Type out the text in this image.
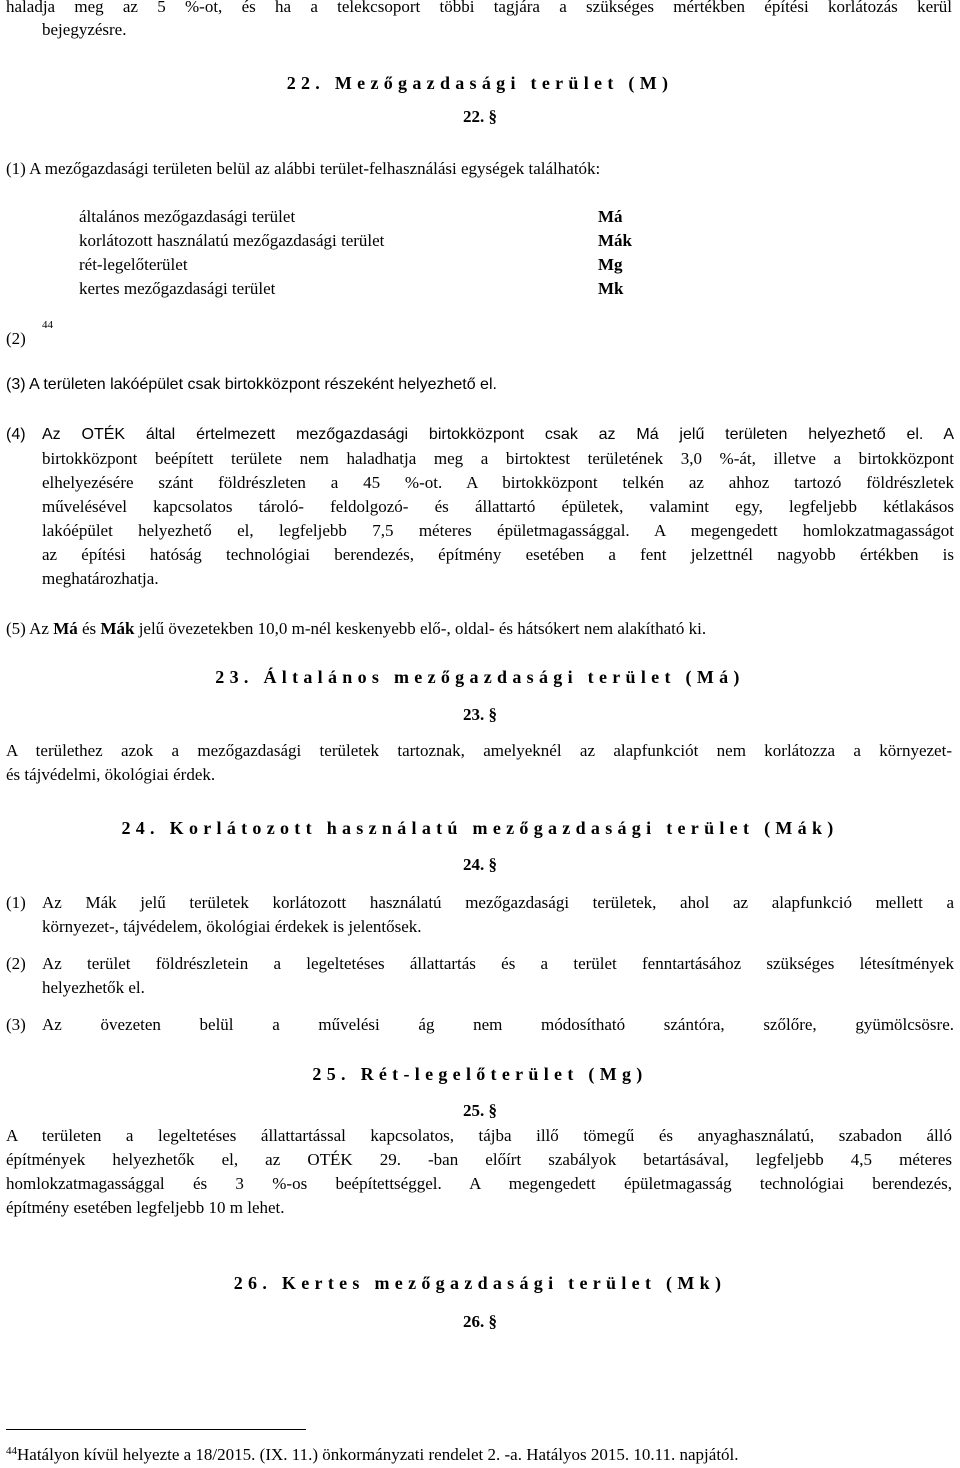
haladja meg az 5 %-ot, és ha a telekcsoport többi tagjára a szükséges mértékben építési korlátozás kerül
bejegyzésre.
22. Mezőgazdasági terület (M)
22. §
(1) A mezőgazdasági területen belül az alábbi terület-felhasználási egységek találhatók:
általános mezőgazdasági terület	Má
korlátozott használatú mezőgazdasági terület	Mák
rét-legelőterület	Mg
kertes mezőgazdasági terület	Mk
(2)
44
(3) A területen lakóépület csak birtokközpont részeként helyezhető el.
(4) Az OTÉK által értelmezett mezőgazdasági birtokközpont csak az Má jelű területen helyezhető el. A
birtokközpont beépített területe nem haladhatja meg a birtoktest területének 3,0 %-át, illetve a birtokközpont
elhelyezésére szánt földrészleten a 45 %-ot. A birtokközpont telkén az ahhoz tartozó földrészletek
művelésével kapcsolatos tároló- feldolgozó- és állattartó épületek, valamint egy, legfeljebb kétlakásos
lakóépület helyezhető el, legfeljebb 7,5 méteres épületmagassággal. A megengedett homlokzatmagasságot
az építési hatóság technológiai berendezés, építmény esetében a fent jelzettnél nagyobb értékben is
meghatározhatja.
(5) Az Má és Mák jelű övezetekben 10,0 m-nél keskenyebb elő-, oldal- és hátsókert nem alakítható ki.
23. Általános mezőgazdasági terület (Má)
23. §
A területhez azok a mezőgazdasági területek tartoznak, amelyeknél az alapfunkciót nem korlátozza a környezet-
és tájvédelmi, ökológiai érdek.
24. Korlátozott használatú mezőgazdasági terület (Mák)
24. §
(1) Az Mák jelű területek korlátozott használatú mezőgazdasági területek, ahol az alapfunkció mellett a
környezet-, tájvédelem, ökológiai érdekek is jelentősek.
(2) Az terület földrészletein a legeltetéses állattartás és a terület fenntartásához szükséges létesítmények
helyezhetők el.
(3) Az övezeten belül a művelési ág nem módosítható szántóra, szőlőre, gyümölcsösre.
25. Rét-legelőterület (Mg)
25. §
A területen a legeltetéses állattartással kapcsolatos, tájba illő tömegű és anyaghasználatú, szabadon álló
építmények helyezhetők el, az OTÉK 29. -ban előírt szabályok betartásával, legfeljebb 4,5 méteres
homlokzatmagassággal és 3 %-os beépítettséggel. A megengedett épületmagasság technológiai berendezés,
építmény esetében legfeljebb 10 m lehet.
26. Kertes mezőgazdasági terület (Mk)
26. §
$^{44}$Hatályon kívül helyezte a 18/2015. (IX. 11.) önkormányzati rendelet 2. -a. Hatályos 2015. 10.11. napjától.
